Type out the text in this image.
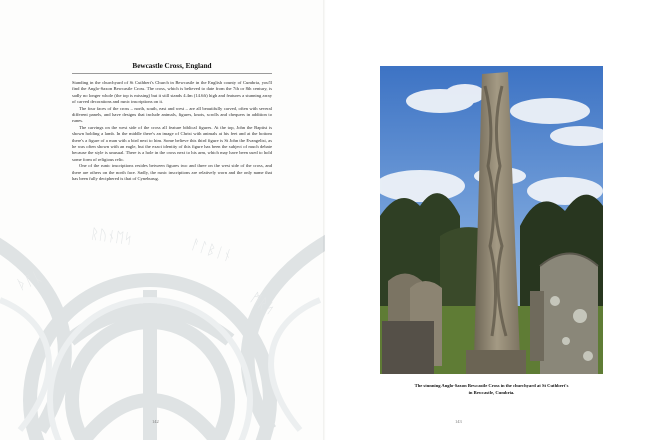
ᚱᚢᚾᛖᛋ	ᚨᛚᛒᛁᚾ
ᚦᚩᚳ
ᛗᚱᛋ
Bewcastle Cross, England

Standing in the churchyard of St Cuthbert's Church in Bewcastle in the English county of Cumbria, you'll find the Anglo-Saxon Bewcastle Cross. The cross, which is believed to date from the 7th or 8th century, is sadly no longer whole (the top is missing) but it still stands 4.4m (14.6ft) high and features a stunning array of carved decorations and runic inscriptions on it.

The four faces of the cross – north, south, east and west – are all beautifully carved, often with several different panels, and have designs that include animals, figures, knots, scrolls and chequers in addition to runes.

The carvings on the west side of the cross all feature biblical figures. At the top, John the Baptist is shown holding a lamb. In the middle there's an image of Christ with animals at his feet and at the bottom there's a figure of a man with a bird next to him. Some believe this third figure is St John the Evangelist, as he was often shown with an eagle, but the exact identity of this figure has been the subject of much debate because the style is unusual. There is a hole in the cross next to his arm, which may have been used to hold some form of religious relic.

One of the runic inscriptions resides between figures two and three on the west side of the cross, and there are others on the north face. Sadly, the runic inscriptions are relatively worn and the only name that has been fully deciphered is that of Cyneburug.

142
The stunning Anglo-Saxon Bewcastle Cross in the churchyard at St Cuthbert's
in Bewcastle, Cumbria.
143
